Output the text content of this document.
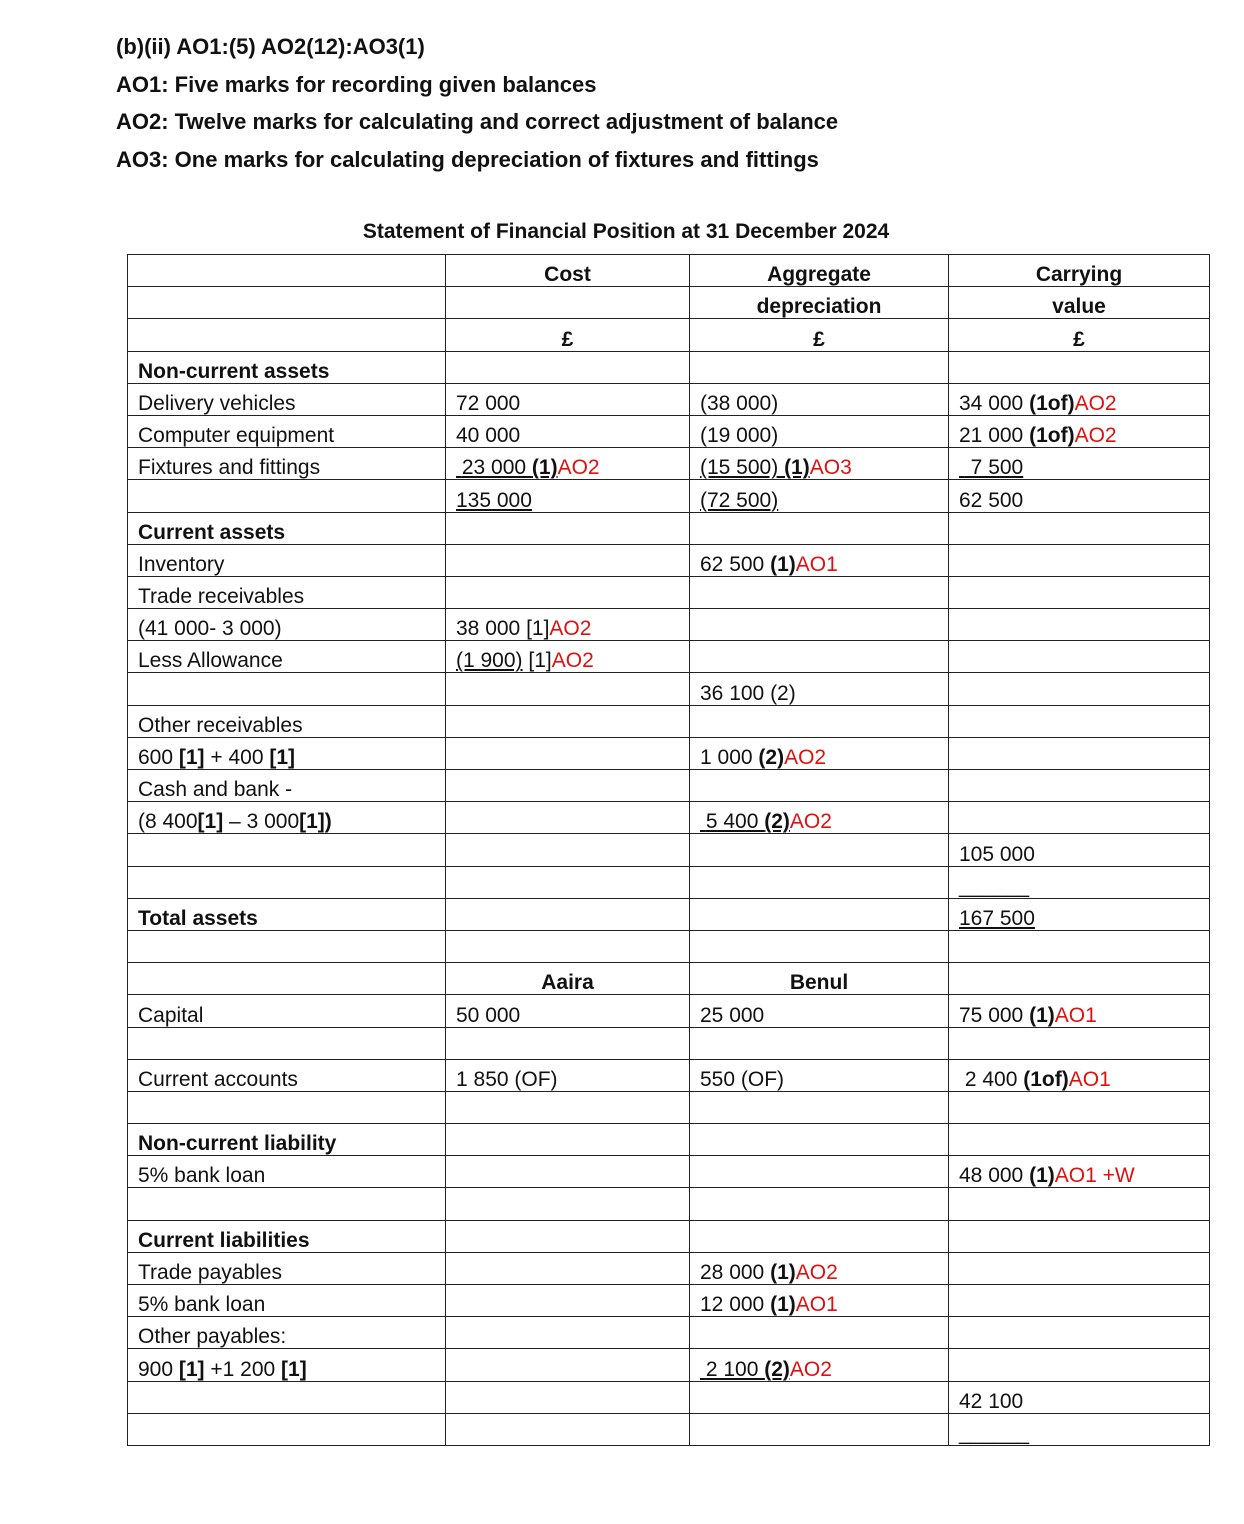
(b)(ii) AO1:(5) AO2(12):AO3(1)
AO1: Five marks for recording given balances
AO2: Twelve marks for calculating and correct adjustment of balance
AO3: One marks for calculating depreciation of fixtures and fittings
Statement of Financial Position at 31 December 2024
	Cost	Aggregate	Carrying
		depreciation	value
	£	£	£
Non-current assets			
Delivery vehicles	72 000	(38 000)	34 000 (1of)AO2
Computer equipment	40 000	(19 000)	21 000 (1of)AO2
Fixtures and fittings	23 000 (1)AO2	(15 500) (1)AO3	7 500
	135 000	(72 500)	62 500
Current assets			
Inventory		62 500 (1)AO1	
Trade receivables			
(41 000- 3 000)	38 000 [1]AO2		
Less Allowance	(1 900) [1]AO2		
		36 100 (2)	
Other receivables			
600 [1] + 400 [1]		1 000 (2)AO2	
Cash and bank -			
(8 400[1] – 3 000[1])		5 400 (2)AO2	
			105 000
			______
Total assets			167 500

	Aaira	Benul	
Capital	50 000	25 000	75 000 (1)AO1

Current accounts	1 850 (OF)	550 (OF)	2 400 (1of)AO1

Non-current liability			
5% bank loan			48 000 (1)AO1 +W

Current liabilities			
Trade payables		28 000 (1)AO2	
5% bank loan		12 000 (1)AO1	
Other payables:			
900 [1] +1 200 [1]		2 100 (2)AO2	
			42 100
			______
